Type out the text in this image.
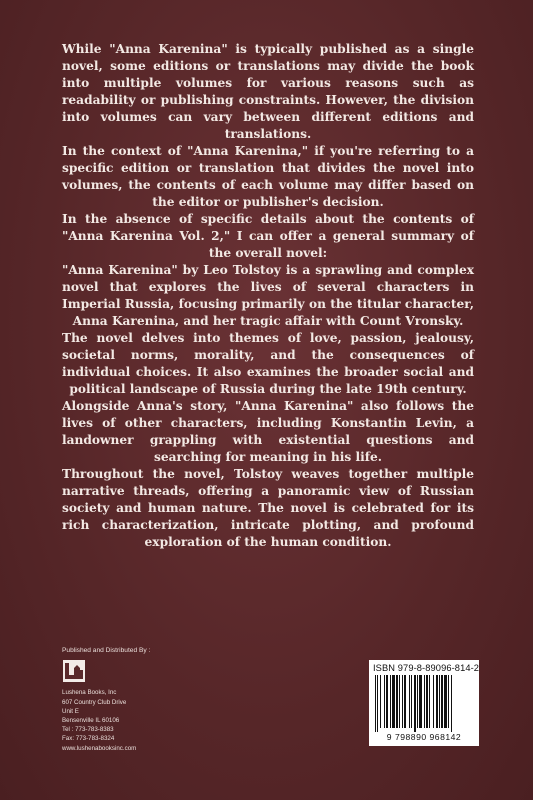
While "Anna Karenina" is typically published as a single novel, some editions or translations may divide the book into multiple volumes for various reasons such as readability or publishing constraints. However, the division into volumes can vary between different editions and translations.

In the context of "Anna Karenina," if you're referring to a specific edition or translation that divides the novel into volumes, the contents of each volume may differ based on the editor or publisher's decision.

In the absence of specific details about the contents of "Anna Karenina Vol. 2," I can offer a general summary of the overall novel:

"Anna Karenina" by Leo Tolstoy is a sprawling and complex novel that explores the lives of several characters in Imperial Russia, focusing primarily on the titular character, Anna Karenina, and her tragic affair with Count Vronsky.

The novel delves into themes of love, passion, jealousy, societal norms, morality, and the consequences of individual choices. It also examines the broader social and political landscape of Russia during the late 19th century.

Alongside Anna's story, "Anna Karenina" also follows the lives of other characters, including Konstantin Levin, a landowner grappling with existential questions and searching for meaning in his life.

Throughout the novel, Tolstoy weaves together multiple narrative threads, offering a panoramic view of Russian society and human nature. The novel is celebrated for its rich characterization, intricate plotting, and profound exploration of the human condition.

Published and Distributed By :
Lushena Books, Inc
607 Country Club Drive
Unit E
Bensenville IL 60106
Tel : 773-783-8383
Fax: 773-783-8324
www.lushenabooksinc.com
ISBN 979-8-89096-814-2
9 798890 968142
